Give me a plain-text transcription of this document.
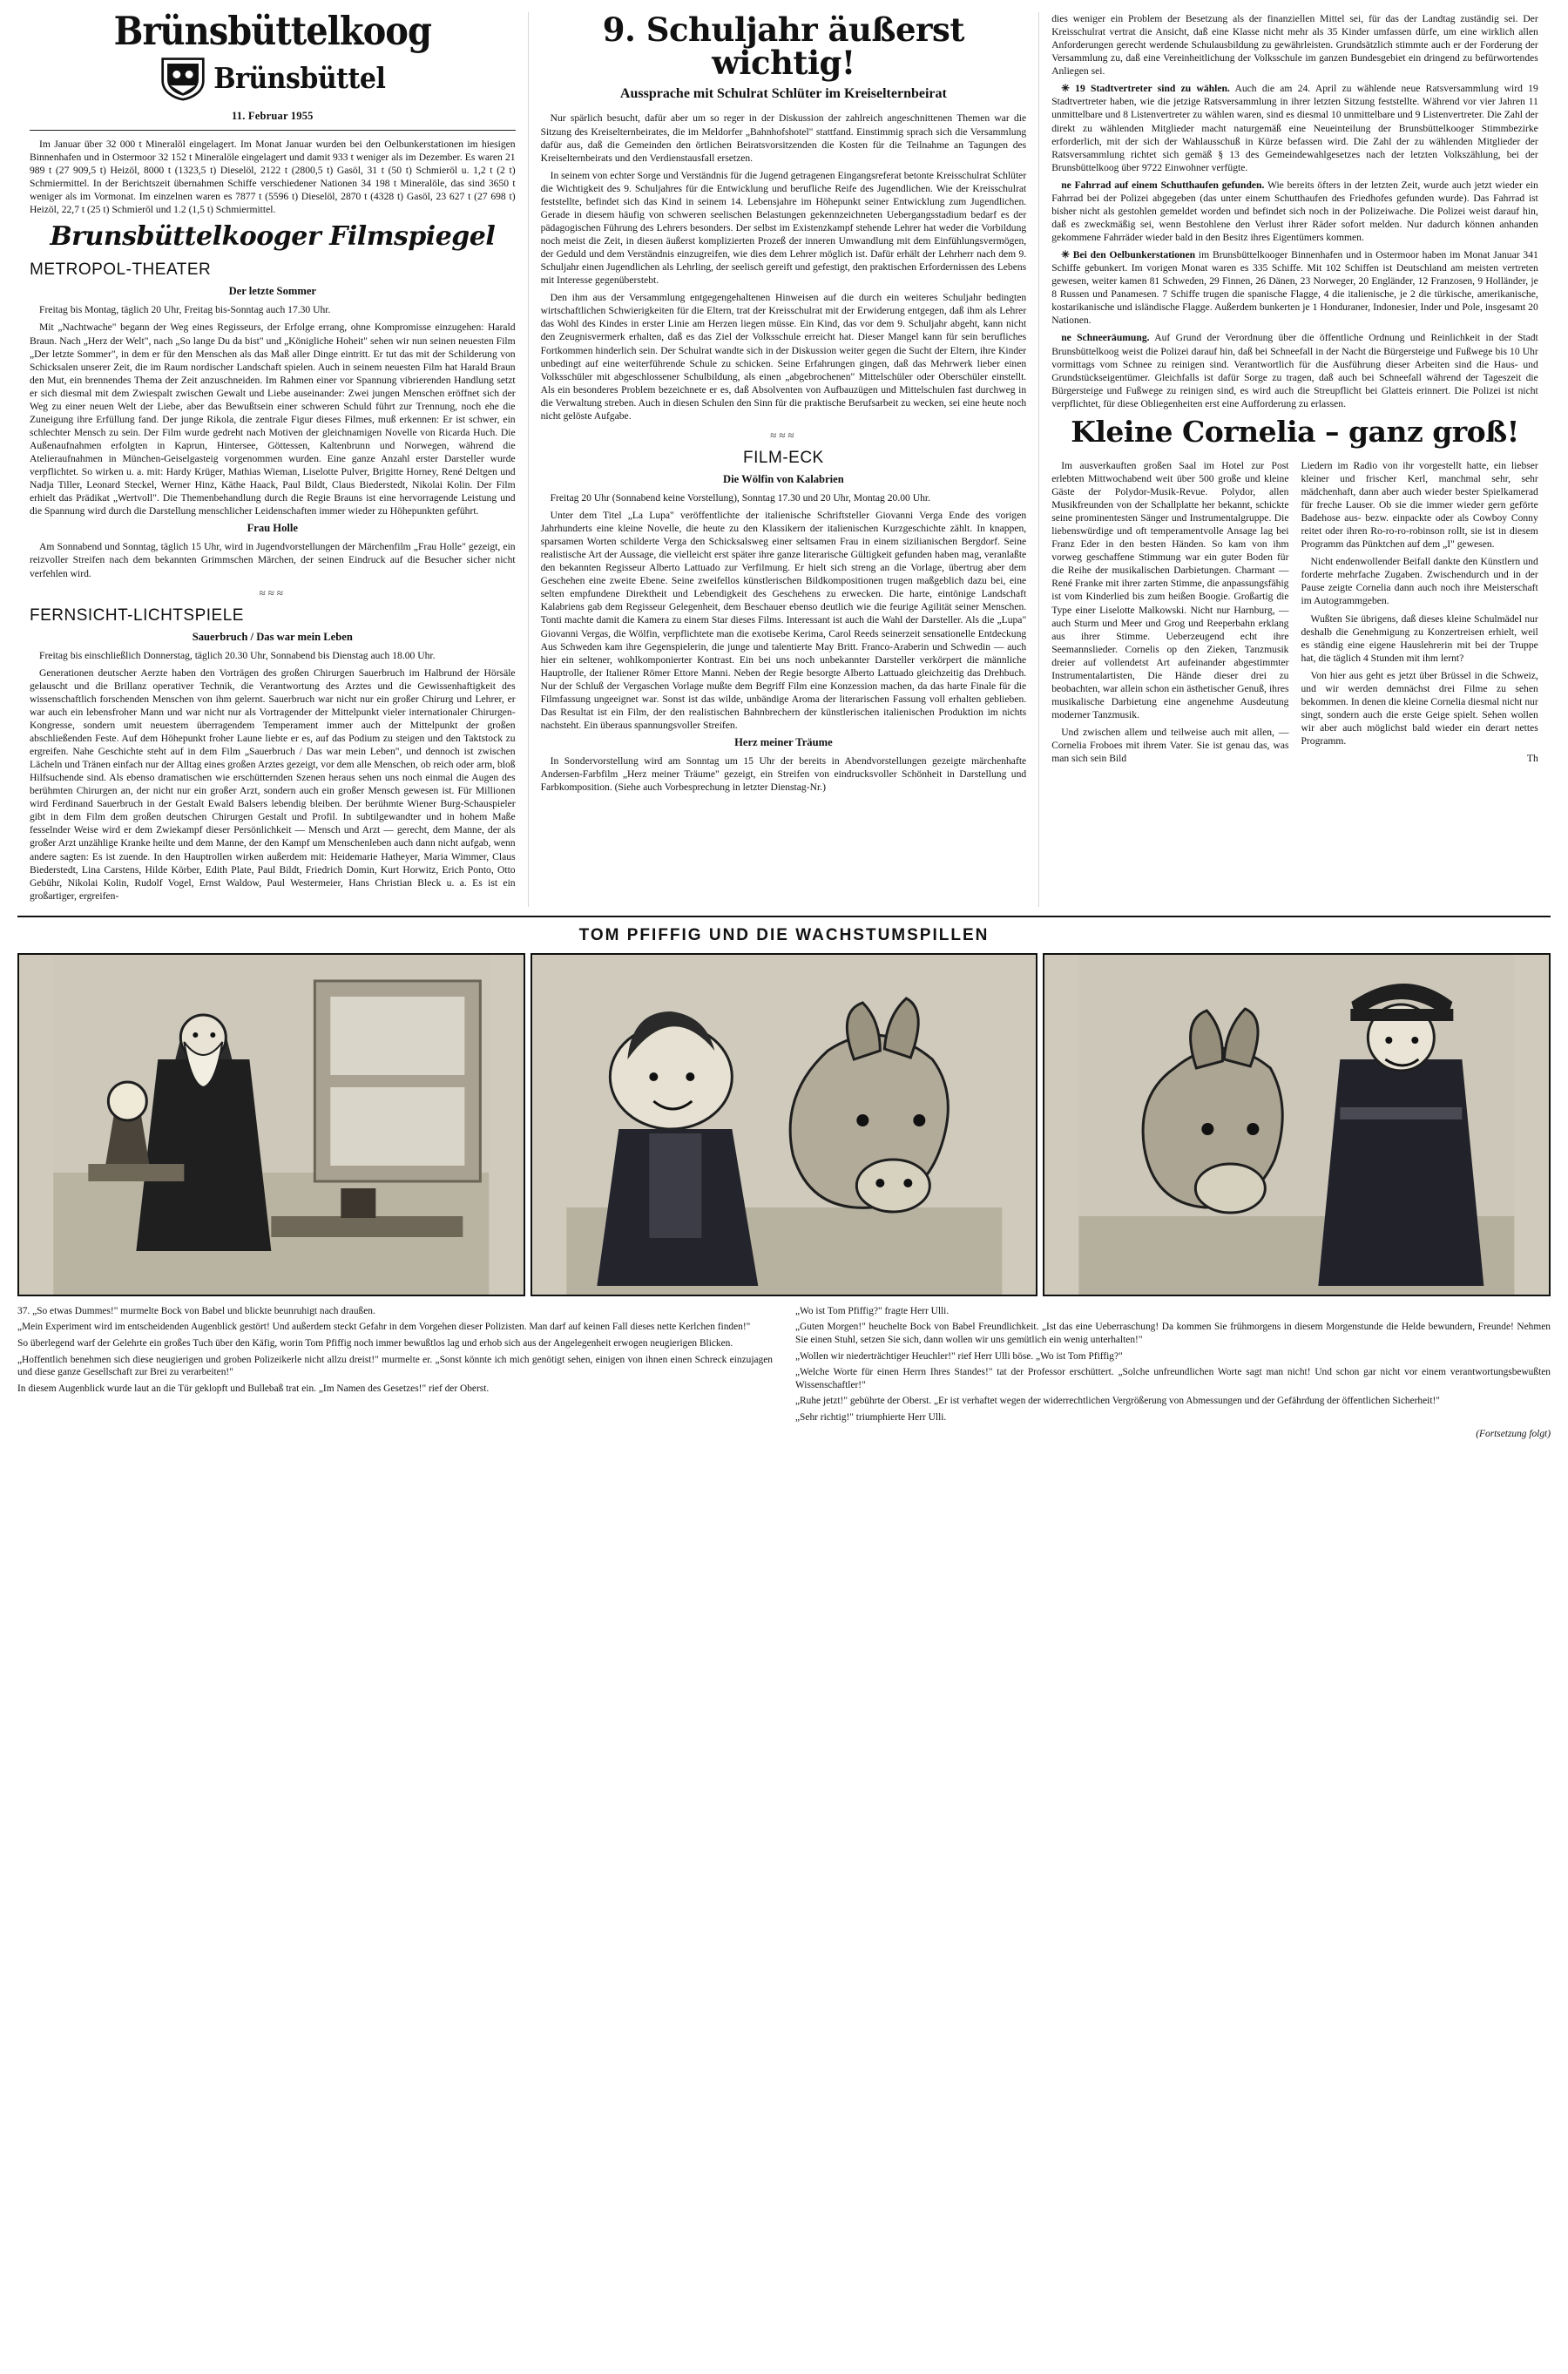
Brünsbüttelkoog
Brünsbüttel
11. Februar 1955

Im Januar über 32 000 t Mineralöl eingelagert. Im Monat Januar wurden bei den Oelbunkerstationen im hiesigen Binnenhafen und in Ostermoor 32 152 t Mineralöle eingelagert und damit 933 t weniger als im Dezember. Es waren 21 989 t (27 909,5 t) Heizöl, 8000 t (1323,5 t) Dieselöl, 2122 t (2800,5 t) Gasöl, 31 t (50 t) Schmieröl u. 1,2 t (2 t) Schmiermittel. In der Berichtszeit übernahmen Schiffe verschiedener Nationen 34 198 t Mineralöle, das sind 3650 t weniger als im Vormonat. Im einzelnen waren es 7877 t (5596 t) Dieselöl, 2870 t (4328 t) Gasöl, 23 627 t (27 698 t) Heizöl, 22,7 t (25 t) Schmieröl und 1.2 (1,5 t) Schmiermittel.

Brunsbüttelkooger Filmspiegel
METROPOL-THEATER
Der letzte Sommer

Freitag bis Montag, täglich 20 Uhr, Freitag bis-Sonntag auch 17.30 Uhr.

Mit „Nachtwache" begann der Weg eines Regisseurs, der Erfolge errang, ohne Kompromisse einzugehen: Harald Braun. Nach „Herz der Welt", nach „So lange Du da bist" und „Königliche Hoheit" sehen wir nun seinen neuesten Film „Der letzte Sommer", in dem er für den Menschen als das Maß aller Dinge eintritt. Er tut das mit der Schilderung von Schicksalen unserer Zeit, die im Raum nordischer Landschaft spielen. Auch in seinem neuesten Film hat Harald Braun den Mut, ein brennendes Thema der Zeit anzuschneiden. Im Rahmen einer vor Spannung vibrierenden Handlung setzt er sich diesmal mit dem Zwiespalt zwischen Gewalt und Liebe auseinander: Zwei jungen Menschen eröffnet sich der Weg zu einer neuen Welt der Liebe, aber das Bewußtsein einer schweren Schuld führt zur Trennung, noch ehe die Zuneigung ihre Erfüllung fand. Der junge Rikola, die zentrale Figur dieses Filmes, muß erkennen: Er ist schwer, ein schlechter Mensch zu sein. Der Film wurde gedreht nach Motiven der gleichnamigen Novelle von Ricarda Huch. Die Außenaufnahmen erfolgten in Kaprun, Hintersee, Göttessen, Kaltenbrunn und Norwegen, während die Atelieraufnahmen in München-Geiselgasteig vorgenommen wurden. Eine ganze Anzahl erster Darsteller wurde verpflichtet. So wirken u. a. mit: Hardy Krüger, Mathias Wieman, Liselotte Pulver, Brigitte Horney, René Deltgen und Nadja Tiller, Leonard Steckel, Werner Hinz, Käthe Haack, Paul Bildt, Claus Biederstedt, Nikolai Kolin. Der Film erhielt das Prädikat „Wertvoll". Die Themenbehandlung durch die Regie Brauns ist eine hervorragende Leistung und die Spannung wird durch die Darstellung menschlicher Leidenschaften immer wieder zu Höhepunkten geführt.

Frau Holle

Am Sonnabend und Sonntag, täglich 15 Uhr, wird in Jugendvorstellungen der Märchenfilm „Frau Holle" gezeigt, ein reizvoller Streifen nach dem bekannten Grimmschen Märchen, der seinen Eindruck auf die Besucher sicher nicht verfehlen wird.

≈≈≈
FERNSICHT-LICHTSPIELE
Sauerbruch / Das war mein Leben

Freitag bis einschließlich Donnerstag, täglich 20.30 Uhr, Sonnabend bis Dienstag auch 18.00 Uhr.

Generationen deutscher Aerzte haben den Vorträgen des großen Chirurgen Sauerbruch im Halbrund der Hörsäle gelauscht und die Brillanz operativer Technik, die Verantwortung des Arztes und die Gewissenhaftigkeit des wissenschaftlich forschenden Menschen von ihm gelernt. Sauerbruch war nicht nur ein großer Chirurg und Lehrer, er war auch ein lebensfroher Mann und war nicht nur als Vortragender der Mittelpunkt vieler internationaler Chirurgen-Kongresse, sondern umit neuestem überragendem Temperament immer auch der Mittelpunkt der großen abschließenden Feste. Auf dem Höhepunkt froher Laune liebte er es, auf das Podium zu steigen und den Taktstock zu ergreifen. Nahe Geschichte steht auf in dem Film „Sauerbruch / Das war mein Leben", und dennoch ist zwischen Lächeln und Tränen einfach nur der Alltag eines großen Arztes gezeigt, vor dem alle Menschen, ob reich oder arm, bloß Hilfsuchende sind. Als ebenso dramatischen wie erschütternden Szenen heraus sehen uns noch einmal die Augen des berühmten Chirurgen an, der nicht nur ein großer Arzt, sondern auch ein großer Mensch gewesen ist. Für Millionen wird Ferdinand Sauerbruch in der Gestalt Ewald Balsers lebendig bleiben. Der berühmte Wiener Burg-Schauspieler gibt in dem Film dem großen deutschen Chirurgen Gestalt und Profil. In subtilgewandter und in hohem Maße fesselnder Weise wird er dem Zwiekampf dieser Persönlichkeit — Mensch und Arzt — gerecht, dem Manne, der als großer Arzt unzählige Kranke heilte und dem Manne, der den Kampf um Menschenleben auch dann nicht aufgab, wenn andere sagten: Es ist zuende. In den Hauptrollen wirken außerdem mit: Heidemarie Hatheyer, Maria Wimmer, Claus Biederstedt, Lina Carstens, Hilde Körber, Edith Plate, Paul Bildt, Friedrich Domin, Kurt Horwitz, Erich Ponto, Otto Gebühr, Nikolai Kolin, Rudolf Vogel, Ernst Waldow, Paul Westermeier, Hans Christian Bleck u. a. Es ist ein großartiger, ergreifen-

9. Schuljahr äußerst wichtig!
Aussprache mit Schulrat Schlüter im Kreiselternbeirat

Nur spärlich besucht, dafür aber um so reger in der Diskussion der zahlreich angeschnittenen Themen war die Sitzung des Kreiselternbeirates, die im Meldorfer „Bahnhofshotel" stattfand. Einstimmig sprach sich die Versammlung dafür aus, daß die Gemeinden den örtlichen Beiratsvorsitzenden die Kosten für die Teilnahme an Tagungen des Kreiselternbeirats und den Verdienstausfall ersetzen.

In seinem von echter Sorge und Verständnis für die Jugend getragenen Eingangsreferat betonte Kreisschulrat Schlüter die Wichtigkeit des 9. Schuljahres für die Entwicklung und berufliche Reife des Jugendlichen. Wie der Kreisschulrat feststellte, befindet sich das Kind in seinem 14. Lebensjahre im Höhepunkt seiner Entwicklung zum Jugendlichen. Gerade in diesem häufig von schweren seelischen Belastungen gekennzeichneten Uebergangsstadium bedarf es der pädagogischen Führung des Lehrers besonders. Der selbst im Existenzkampf stehende Lehrer hat weder die Vorbildung noch meist die Zeit, in diesen äußerst komplizierten Prozeß der inneren Umwandlung mit dem Einfühlungsvermögen, der Geduld und dem Verständnis einzugreifen, wie dies dem Lehrer möglich ist. Dafür erhält der Lehrherr nach dem 9. Schuljahr einen Jugendlichen als Lehrling, der seelisch gereift und gefestigt, den praktischen Erfordernissen des Lebens mit Interesse gegenüberstebt.

Den ihm aus der Versammlung entgegengehaltenen Hinweisen auf die durch ein weiteres Schuljahr bedingten wirtschaftlichen Schwierigkeiten für die Eltern, trat der Kreisschulrat mit der Erwiderung entgegen, daß ihm als Lehrer das Wohl des Kindes in erster Linie am Herzen liegen müsse. Ein Kind, das vor dem 9. Schuljahr abgeht, kann nicht den Zeugnisvermerk erhalten, daß es das Ziel der Volksschule erreicht hat. Dieser Mangel kann für sein berufliches Fortkommen hinderlich sein. Der Schulrat wandte sich in der Diskussion weiter gegen die Sucht der Eltern, ihre Kinder unbedingt auf eine weiterführende Schule zu schicken. Seine Erfahrungen gingen, daß das Mehrwerk lieber einen Volksschüler mit abgeschlossener Schulbildung, als einen „abgebrochenen" Mittelschüler oder Oberschüler einstellt. Als ein besonderes Problem bezeichnete er es, daß Absolventen von Aufbauzügen und Mittelschulen fast durchweg in die Verwaltung streben. Auch in diesen Schulen den Sinn für die praktische Berufsarbeit zu wecken, sei eine heute noch nicht gelöste Aufgabe.

≈≈≈
FILM-ECK
Die Wölfin von Kalabrien

Freitag 20 Uhr (Sonnabend keine Vorstellung), Sonntag 17.30 und 20 Uhr, Montag 20.00 Uhr.

Unter dem Titel „La Lupa" veröffentlichte der italienische Schriftsteller Giovanni Verga Ende des vorigen Jahrhunderts eine kleine Novelle, die heute zu den Klassikern der italienischen Kurzgeschichte zählt. In knappen, sparsamen Worten schilderte Verga den Schicksalsweg einer seltsamen Frau in einem sizilianischen Bergdorf. Seine realistische Art der Aussage, die vielleicht erst später ihre ganze literarische Gültigkeit gefunden haben mag, veranlaßte den bekannten Regisseur Alberto Lattuado zur Verfilmung. Er hielt sich streng an die Vorlage, übertrug aber dem Geschehen eine zweite Ebene. Seine zweifellos künstlerischen Bildkompositionen trugen maßgeblich dazu bei, eine selten empfundene Direktheit und Lebendigkeit des Geschehens zu erwecken. Die harte, eintönige Landschaft Kalabriens gab dem Regisseur Gelegenheit, dem Beschauer ebenso deutlich wie die feurige Agilität seiner Menschen. Tonti machte damit die Kamera zu einem Star dieses Films. Interessant ist auch die Wahl der Darsteller. Als die „Lupa" Giovanni Vergas, die Wölfin, verpflichtete man die exotisebe Kerima, Carol Reeds seinerzeit sensationelle Entdeckung Aus Schweden kam ihre Gegenspielerin, die junge und talentierte May Britt. Franco-Araberin und Schwedin — auch hier ein seltener, wohlkomponierter Kontrast. Ein bei uns noch unbekannter Darsteller verkörpert die männliche Hauptrolle, der Italiener Römer Ettore Manni. Neben der Regie besorgte Alberto Lattuado gleichzeitig das Drehbuch. Nur der Schluß der Vergaschen Vorlage mußte dem Begriff Film eine Konzession machen, da das harte Finale für die Filmfassung ungeeignet war. Sonst ist das wilde, unbändige Aroma der literarischen Fassung voll erhalten geblieben. Das Resultat ist ein Film, der den realistischen Bahnbrechern der künstlerischen italienischen Produktion im nichts nachsteht. Ein überaus spannungsvoller Streifen.

Herz meiner Träume

In Sondervorstellung wird am Sonntag um 15 Uhr der bereits in Abendvorstellungen gezeigte märchenhafte Andersen-Farbfilm „Herz meiner Träume" gezeigt, ein Streifen von eindrucksvoller Schönheit in Darstellung und Farbkomposition. (Siehe auch Vorbesprechung in letzter Dienstag-Nr.)

dies weniger ein Problem der Besetzung als der finanziellen Mittel sei, für das der Landtag zuständig sei. Der Kreisschulrat vertrat die Ansicht, daß eine Klasse nicht mehr als 35 Kinder umfassen dürfe, um eine wirklich allen Anforderungen gerecht werdende Schulausbildung zu gewährleisten. Grundsätzlich stimmte auch er der Forderung der Versammlung zu, daß eine Vereinheitlichung der Volksschule im ganzen Bundesgebiet ein dringend zu befürwortendes Anliegen sei.

✳ 19 Stadtvertreter sind zu wählen. Auch die am 24. April zu wählende neue Ratsversammlung wird 19 Stadtvertreter haben, wie die jetzige Ratsversammlung in ihrer letzten Sitzung feststellte. Während vor vier Jahren 11 unmittelbare und 8 Listenvertreter zu wählen waren, sind es diesmal 10 unmittelbare und 9 Listenvertreter. Die Zahl der direkt zu wählenden Mitglieder macht naturgemäß eine Neueinteilung der Brunsbüttelkooger Stimmbezirke erforderlich, mit der sich der Wahlausschuß in Kürze befassen wird. Die Zahl der zu wählenden Mitglieder der Ratsversammlung richtet sich gemäß § 13 des Gemeindewahlgesetzes nach der letzten Volkszählung, bei der Brunsbüttelkoog über 9722 Einwohner verfügte.

ne Fahrrad auf einem Schutthaufen gefunden. Wie bereits öfters in der letzten Zeit, wurde auch jetzt wieder ein Fahrrad bei der Polizei abgegeben (das unter einem Schutthaufen des Friedhofes gefunden wurde). Das Fahrrad ist bisher nicht als gestohlen gemeldet worden und befindet sich noch in der Polizeiwache. Die Polizei weist darauf hin, daß es zweckmäßig sei, wenn Bestohlene den Verlust ihrer Räder sofort melden. Nur dadurch können anhanden gekommene Fahrräder wieder bald in den Besitz ihres Eigentümers kommen.

✳ Bei den Oelbunkerstationen im Brunsbüttelkooger Binnenhafen und in Ostermoor haben im Monat Januar 341 Schiffe gebunkert. Im vorigen Monat waren es 335 Schiffe. Mit 102 Schiffen ist Deutschland am meisten vertreten gewesen, weiter kamen 81 Schweden, 29 Finnen, 26 Dänen, 23 Norweger, 20 Engländer, 12 Franzosen, 9 Holländer, je 8 Russen und Panamesen. 7 Schiffe trugen die spanische Flagge, 4 die italienische, je 2 die türkische, amerikanische, kostarikanische und isländische Flagge. Außerdem bunkerten je 1 Honduraner, Indonesier, Inder und Pole, insgesamt 20 Nationen.

ne Schneeräumung. Auf Grund der Verordnung über die öffentliche Ordnung und Reinlichkeit in der Stadt Brunsbüttelkoog weist die Polizei darauf hin, daß bei Schneefall in der Nacht die Bürgersteige und Fußwege bis 10 Uhr vormittags vom Schnee zu reinigen sind. Verantwortlich für die Ausführung dieser Arbeiten sind die Haus- und Grundstückseigentümer. Gleichfalls ist dafür Sorge zu tragen, daß auch bei Schneefall während der Tageszeit die Bürgersteige und Fußwege zu reinigen sind, es wird auch die Streupflicht bei Glatteis erinnert. Die Polizei ist nicht verpflichtet, für diese Obliegenheiten erst eine Aufforderung zu erlassen.

Kleine Cornelia – ganz groß!

Im ausverkauften großen Saal im Hotel zur Post erlebten Mittwochabend weit über 500 große und kleine Gäste der Polydor-Musik-Revue. Polydor, allen Musikfreunden von der Schallplatte her bekannt, schickte seine prominentesten Sänger und Instrumentalgruppe. Die liebenswürdige und oft temperamentvolle Ansage lag bei Franz Eder in den besten Händen. So kam von ihm vorweg geschaffene Stimmung war ein guter Boden für die Reihe der musikalischen Darbietungen. Charmant — René Franke mit ihrer zarten Stimme, die anpassungsfähig ist vom Kinderlied bis zum heißen Boogie. Großartig die Type einer Liselotte Malkowski. Nicht nur Harnburg, — auch Sturm und Meer und Grog und Reeperbahn erklang aus ihrer Stimme. Ueberzeugend echt ihre Seemannslieder. Cornelis op den Zieken, Tanzmusik dreier auf vollendetst Art aufeinander abgestimmter Instrumentalartisten, Die Hände dieser drei zu beobachten, war allein schon ein ästhetischer Genuß, ihres musikalische Darbietung eine angenehme Ausdeutung moderner Tanzmusik.

Und zwischen allem und teilweise auch mit allen, — Cornelia Froboes mit ihrem Vater. Sie ist genau das, was man sich sein Bild

Liedern im Radio von ihr vorgestellt hatte, ein liebser kleiner und frischer Kerl, manchmal sehr, sehr mädchenhaft, dann aber auch wieder bester Spielkamerad für freche Lauser. Ob sie die immer wieder gern geförte Badehose aus- bezw. einpackte oder als Cowboy Conny reitet oder ihren Ro-ro-ro-robinson rollt, sie ist in diesem Programm das Pünktchen auf dem „I" gewesen.

Nicht endenwollender Beifall dankte den Künstlern und forderte mehrfache Zugaben. Zwischendurch und in der Pause zeigte Cornelia dann auch noch ihre Meisterschaft im Autogrammgeben.

Wußten Sie übrigens, daß dieses kleine Schulmädel nur deshalb die Genehmigung zu Konzertreisen erhielt, weil es ständig eine eigene Hauslehrerin mit bei der Truppe hat, die täglich 4 Stunden mit ihm lernt?

Von hier aus geht es jetzt über Brüssel in die Schweiz, und wir werden demnächst drei Filme zu sehen bekommen. In denen die kleine Cornelia diesmal nicht nur singt, sondern auch die erste Geige spielt. Sehen wollen wir aber auch möglichst bald wieder ein derart nettes Programm.

Th

TOM PFIFFIG UND DIE WACHSTUMSPILLEN

37. „So etwas Dummes!" murmelte Bock von Babel und blickte beunruhigt nach draußen.

„Mein Experiment wird im entscheidenden Augenblick gestört! Und außerdem steckt Gefahr in dem Vorgehen dieser Polizisten. Man darf auf keinen Fall dieses nette Kerlchen finden!"

So überlegend warf der Gelehrte ein großes Tuch über den Käfig, worin Tom Pfiffig noch immer bewußtlos lag und erhob sich aus der Angelegenheit erwogen neugierigen Blicken.

„Hoffentlich benehmen sich diese neugierigen und groben Polizeikerle nicht allzu dreist!" murmelte er. „Sonst könnte ich mich genötigt sehen, einigen von ihnen einen Schreck einzujagen und diese ganze Gesellschaft zur Brei zu verarbeiten!"

In diesem Augenblick wurde laut an die Tür geklopft und Bullebaß trat ein. „Im Namen des Gesetzes!" rief der Oberst.

„Wo ist Tom Pfiffig?" fragte Herr Ulli.

„Guten Morgen!" heuchelte Bock von Babel Freundlichkeit. „Ist das eine Ueberraschung! Da kommen Sie frühmorgens in diesem Morgenstunde die Helde bewundern, Freunde! Nehmen Sie einen Stuhl, setzen Sie sich, dann wollen wir uns gemütlich ein wenig unterhalten!"

„Wollen wir niederträchtiger Heuchler!" rief Herr Ulli böse. „Wo ist Tom Pfiffig?"

„Welche Worte für einen Herrn Ihres Standes!" tat der Professor erschüttert. „Solche unfreundlichen Worte sagt man nicht! Und schon gar nicht vor einem verantwortungsbewußten Wissenschaftler!"

„Ruhe jetzt!" gebührte der Oberst. „Er ist verhaftet wegen der widerrechtlichen Vergrößerung von Abmessungen und der Gefährdung der öffentlichen Sicherheit!"

„Sehr richtig!" triumphierte Herr Ulli.

(Fortsetzung folgt)
